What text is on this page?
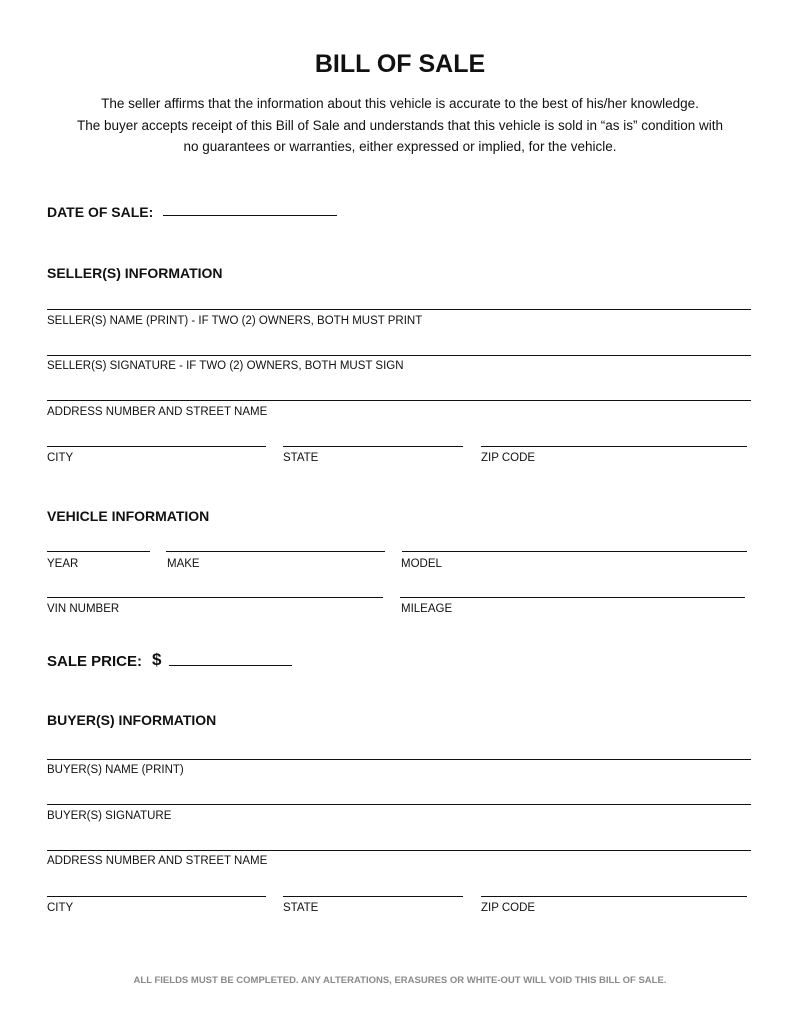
BILL OF SALE
The seller affirms that the information about this vehicle is accurate to the best of his/her knowledge.
The buyer accepts receipt of this Bill of Sale and understands that this vehicle is sold in “as is” condition with
no guarantees or warranties, either expressed or implied, for the vehicle.
DATE OF SALE:
SELLER(S) INFORMATION
SELLER(S) NAME (PRINT) - IF TWO (2) OWNERS, BOTH MUST PRINT
SELLER(S) SIGNATURE - IF TWO (2) OWNERS, BOTH MUST SIGN
ADDRESS NUMBER AND STREET NAME
CITY	STATE	ZIP CODE
VEHICLE INFORMATION
YEAR	MAKE	MODEL
VIN NUMBER	MILEAGE
SALE PRICE: $
BUYER(S) INFORMATION
BUYER(S) NAME (PRINT)
BUYER(S) SIGNATURE
ADDRESS NUMBER AND STREET NAME
CITY	STATE	ZIP CODE
ALL FIELDS MUST BE COMPLETED. ANY ALTERATIONS, ERASURES OR WHITE-OUT WILL VOID THIS BILL OF SALE.
